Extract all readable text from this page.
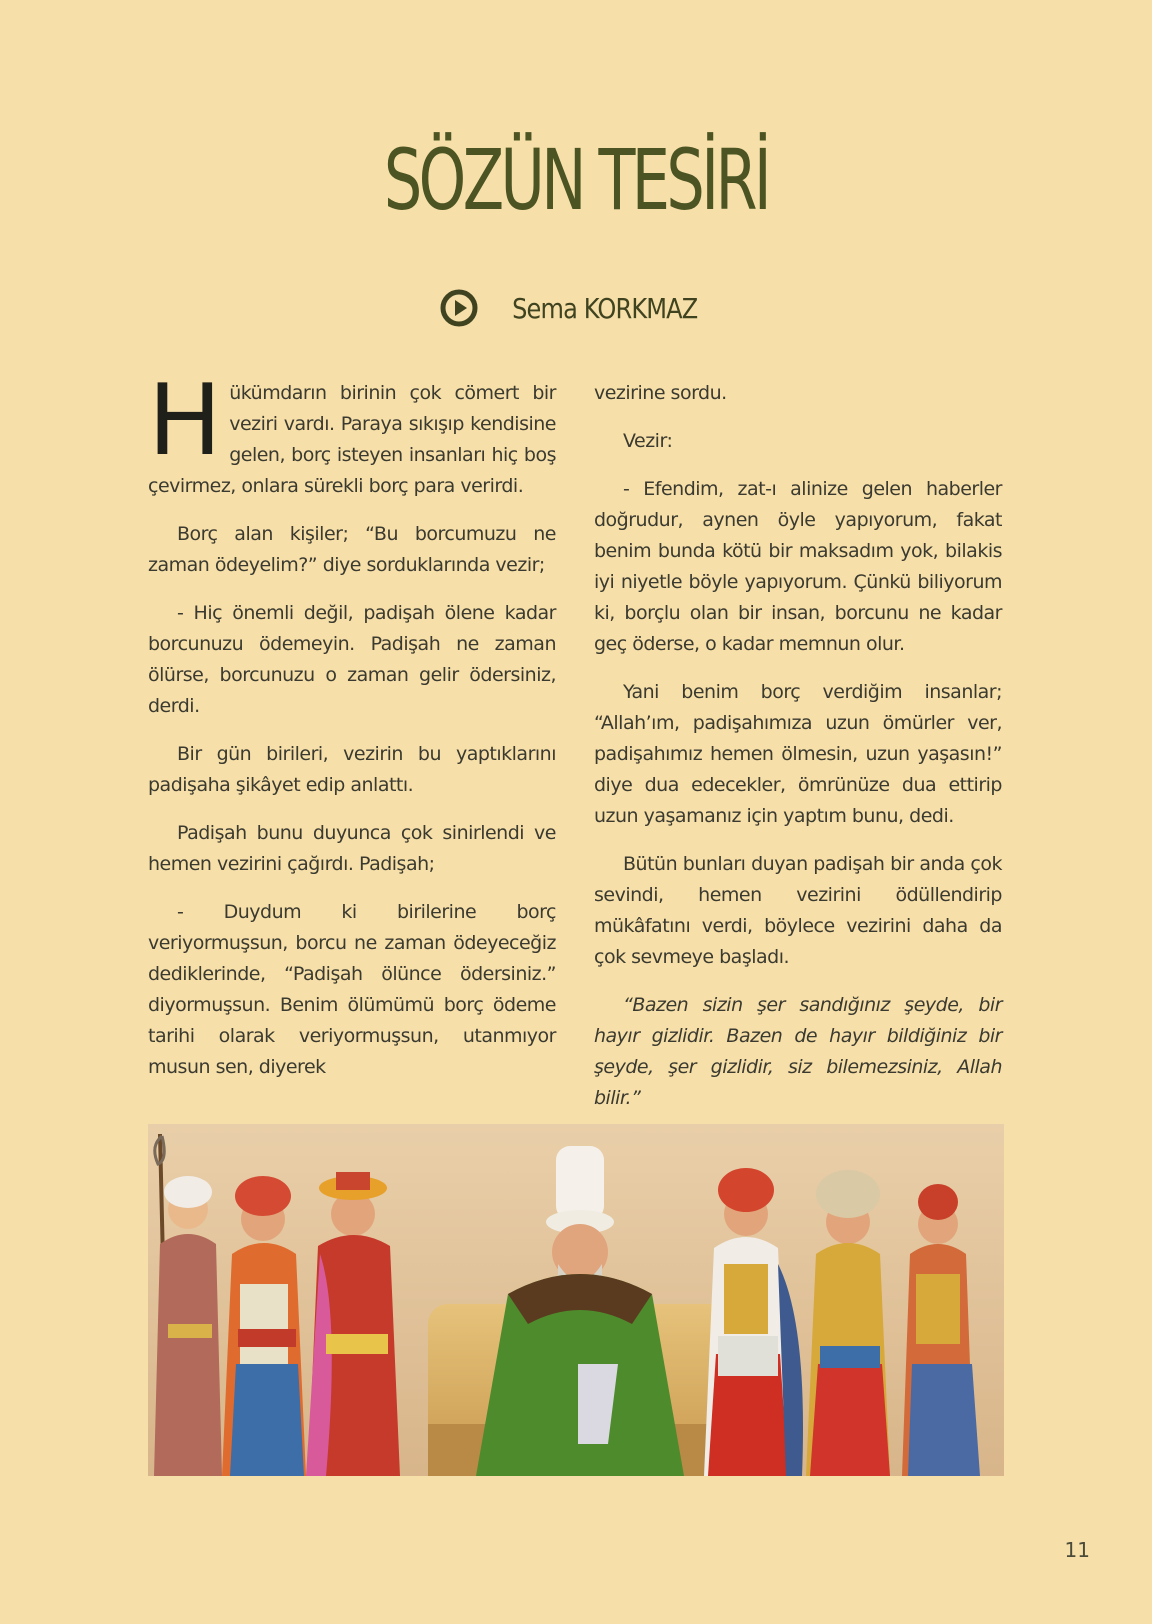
SÖZÜN TESİRİ
Sema KORKMAZ

Hükümdarın birinin çok cömert bir vezi̇ri vardı. Paraya sıkışıp kendisine gelen, borç isteyen insanları hiç boş çevirmez, onlara sürekli borç para verirdi.

Borç alan kişiler; “Bu borcumuzu ne zaman ödeyelim?” diye sorduklarında vezir;

- Hiç önemli değil, padişah ölene kadar borcunuzu ödemeyin. Padişah ne zaman ölürse, borcunuzu o zaman gelir ödersiniz, derdi.

Bir gün birileri, vezirin bu yaptıklarını padişaha şikâyet edip anlattı.

Padişah bunu duyunca çok sinirlendi ve hemen vezirini çağırdı. Padişah;

- Duydum ki birilerine borç veriyormuşsun, borcu ne zaman ödeyeceğiz dediklerinde, “Padişah ölünce ödersiniz.” diyormuşsun. Benim ölümümü borç ödeme tarihi olarak veriyormuşsun, utanmıyor musun sen, diyerek

vezirine sordu.

Vezir:

- Efendim, zat-ı alinize gelen haberler doğrudur, aynen öyle yapıyorum, fakat benim bunda kötü bir maksadım yok, bilakis iyi niyetle böyle yapıyorum. Çünkü biliyorum ki, borçlu olan bir insan, borcunu ne kadar geç öderse, o kadar memnun olur.

Yani benim borç verdiğim insanlar; “Allah’ım, padişahımıza uzun ömürler ver, padişahımız hemen ölmesin, uzun yaşasın!” diye dua edecekler, ömrünüze dua ettirip uzun yaşamanız için yaptım bunu, dedi.

Bütün bunları duyan padişah bir anda çok sevindi, hemen vezirini ödüllendirip mükâfatını verdi, böylece vezirini daha da çok sevmeye başladı.

“Bazen sizin şer sandığınız şeyde, bir hayır gizlidir. Bazen de hayır bildiğiniz bir şeyde, şer gizlidir, siz bilemezsiniz, Allah bilir.”

11
